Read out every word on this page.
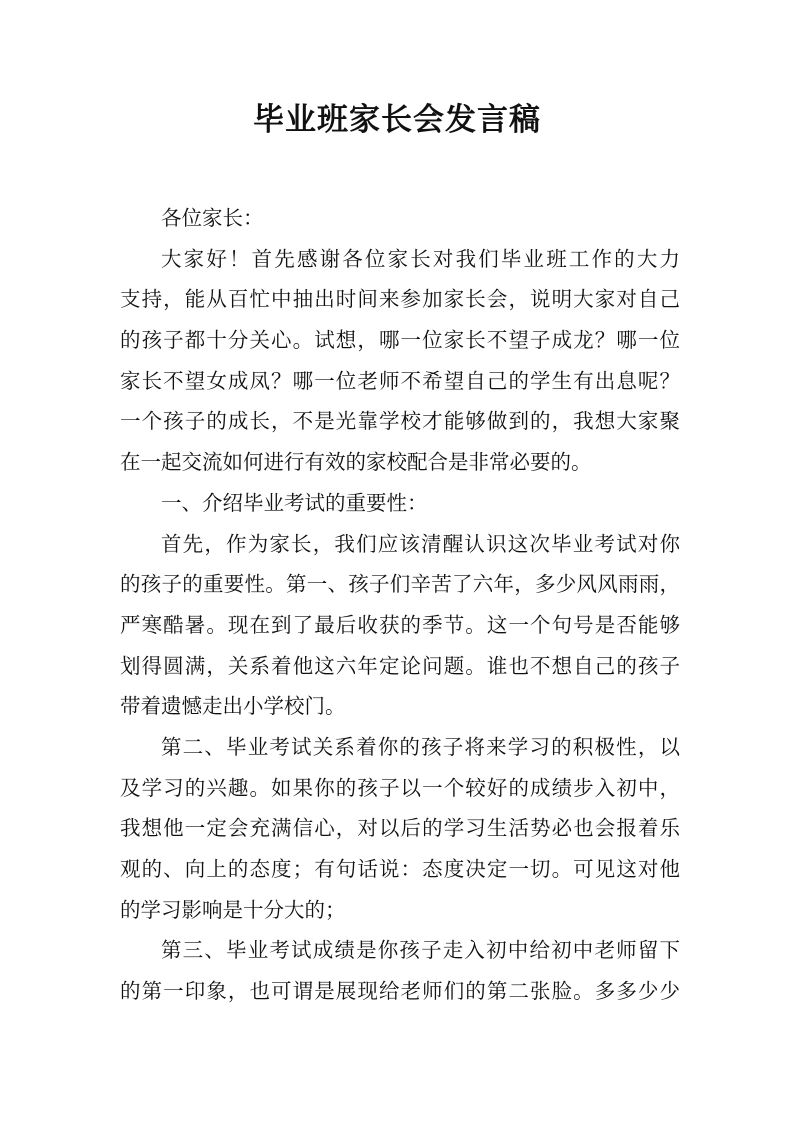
毕业班家长会发言稿
各位家长：
大家好！首先感谢各位家长对我们毕业班工作的大力
支持，能从百忙中抽出时间来参加家长会，说明大家对自己
的孩子都十分关心。试想，哪一位家长不望子成龙？哪一位
家长不望女成凤？哪一位老师不希望自己的学生有出息呢？
一个孩子的成长，不是光靠学校才能够做到的，我想大家聚
在一起交流如何进行有效的家校配合是非常必要的。
一、介绍毕业考试的重要性：
首先，作为家长，我们应该清醒认识这次毕业考试对你
的孩子的重要性。第一、孩子们辛苦了六年，多少风风雨雨，
严寒酷暑。现在到了最后收获的季节。这一个句号是否能够
划得圆满，关系着他这六年定论问题。谁也不想自己的孩子
带着遗憾走出小学校门。
第二、毕业考试关系着你的孩子将来学习的积极性，以
及学习的兴趣。如果你的孩子以一个较好的成绩步入初中，
我想他一定会充满信心，对以后的学习生活势必也会报着乐
观的、向上的态度；有句话说：态度决定一切。可见这对他
的学习影响是十分大的；
第三、毕业考试成绩是你孩子走入初中给初中老师留下
的第一印象，也可谓是展现给老师们的第二张脸。多多少少
